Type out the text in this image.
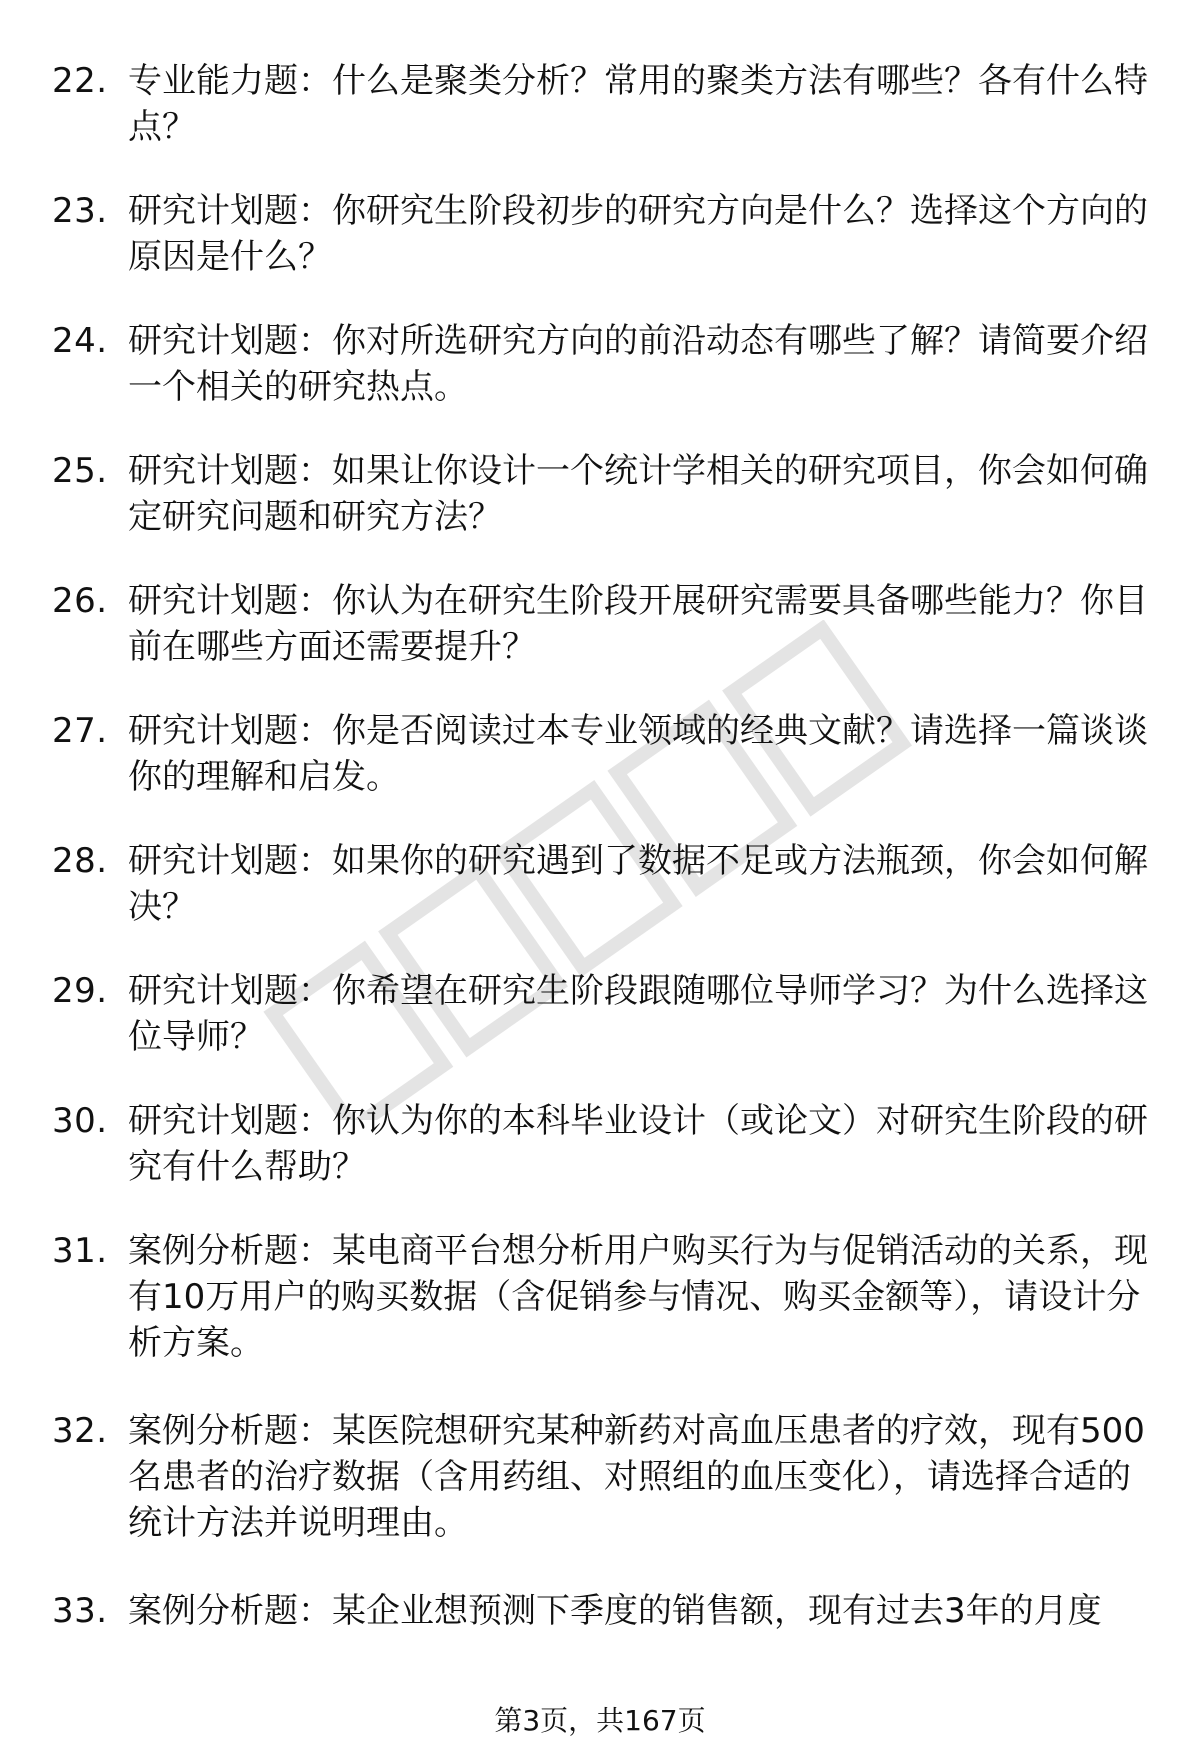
22. 专业能力题：什么是聚类分析？常用的聚类方法有哪些？各有什么特点？
23. 研究计划题：你研究生阶段初步的研究方向是什么？选择这个方向的原因是什么？
24. 研究计划题：你对所选研究方向的前沿动态有哪些了解？请简要介绍一个相关的研究热点。
25. 研究计划题：如果让你设计一个统计学相关的研究项目，你会如何确定研究问题和研究方法？
26. 研究计划题：你认为在研究生阶段开展研究需要具备哪些能力？你目前在哪些方面还需要提升？
27. 研究计划题：你是否阅读过本专业领域的经典文献？请选择一篇谈谈你的理解和启发。
28. 研究计划题：如果你的研究遇到了数据不足或方法瓶颈，你会如何解决？
29. 研究计划题：你希望在研究生阶段跟随哪位导师学习？为什么选择这位导师？
30. 研究计划题：你认为你的本科毕业设计（或论文）对研究生阶段的研究有什么帮助？
31. 案例分析题：某电商平台想分析用户购买行为与促销活动的关系，现有10万用户的购买数据（含促销参与情况、购买金额等），请设计分析方案。
32. 案例分析题：某医院想研究某种新药对高血压患者的疗效，现有500名患者的治疗数据（含用药组、对照组的血压变化），请选择合适的统计方法并说明理由。
33. 案例分析题：某企业想预测下季度的销售额，现有过去3年的月度
第3页，共167页
